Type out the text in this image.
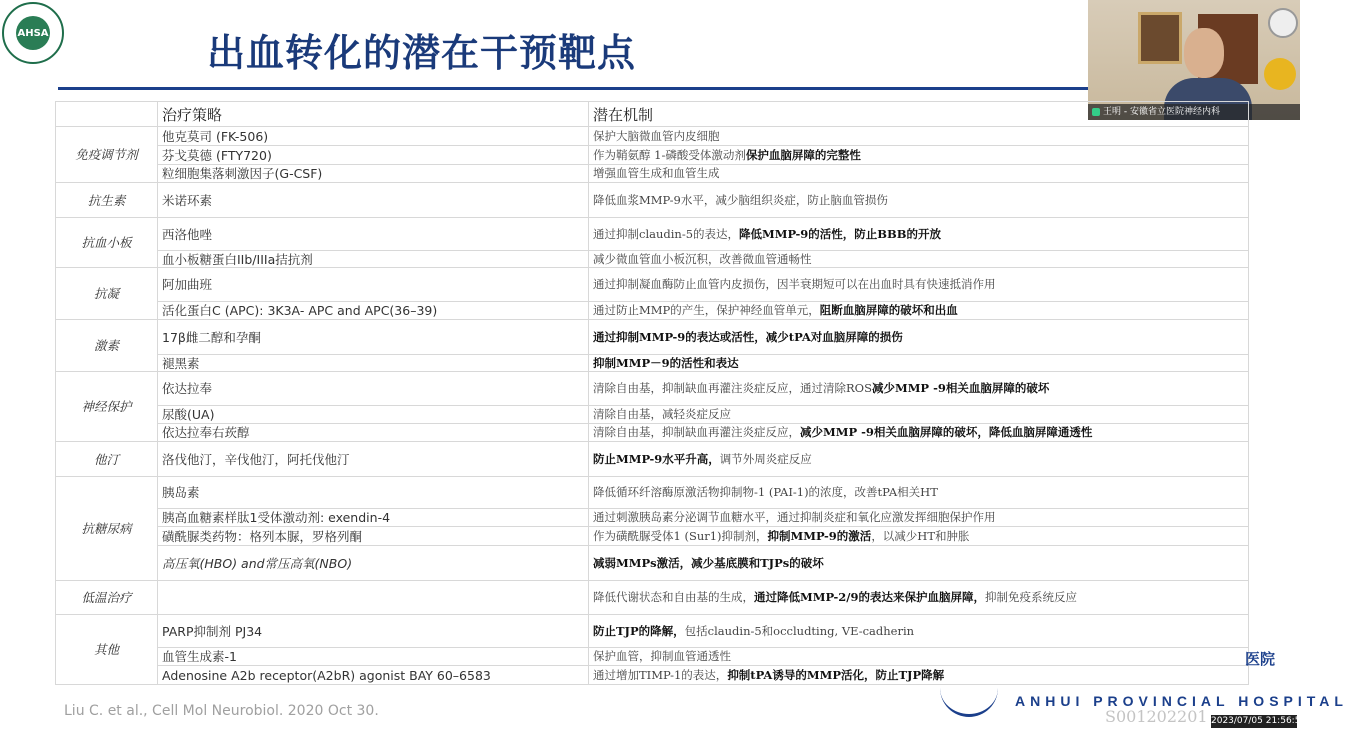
AHSA	出血转化的潜在干预靶点
王明 - 安徽省立医院神经内科
	治疗策略	潜在机制
免疫调节剂	他克莫司 (FK-506)	保护大脑微血管内皮细胞
	芬戈莫德 (FTY720)	作为鞘氨醇 1-磷酸受体激动剂保护血脑屏障的完整性
	粒细胞集落刺激因子(G-CSF)	增强血管生成和血管生成
抗生素	米诺环素	降低血浆MMP-9水平，减少脑组织炎症，防止脑血管损伤
抗血小板	西洛他唑	通过抑制claudin-5的表达，降低MMP-9的活性，防止BBB的开放
	血小板糖蛋白IIb/IIIa拮抗剂	减少微血管血小板沉积，改善微血管通畅性
抗凝	阿加曲班	通过抑制凝血酶防止血管内皮损伤，因半衰期短可以在出血时具有快速抵消作用
	活化蛋白C (APC): 3K3A- APC and APC(36–39)	通过防止MMP的产生，保护神经血管单元，阻断血脑屏障的破坏和出血
激素	17β雌二醇和孕酮	通过抑制MMP-9的表达或活性，减少tPA对血脑屏障的损伤
	褪黑素	抑制MMP－9的活性和表达
神经保护	依达拉奉	清除自由基，抑制缺血再灌注炎症反应，通过清除ROS减少MMP -9相关血脑屏障的破坏
	尿酸(UA)	清除自由基，减轻炎症反应
	依达拉奉右莰醇	清除自由基，抑制缺血再灌注炎症反应，减少MMP -9相关血脑屏障的破坏，降低血脑屏障通透性
他汀	洛伐他汀，辛伐他汀，阿托伐他汀	防止MMP-9水平升高，调节外周炎症反应
抗糖尿病	胰岛素	降低循环纤溶酶原激活物抑制物-1 (PAI-1)的浓度，改善tPA相关HT
	胰高血糖素样肽1受体激动剂: exendin-4	通过刺激胰岛素分泌调节血糖水平，通过抑制炎症和氧化应激发挥细胞保护作用
	磺酰脲类药物：格列本脲，罗格列酮	作为磺酰脲受体1 (Sur1)抑制剂，抑制MMP-9的激活，以减少HT和肿胀
	高压氧(HBO) and常压高氧(NBO)	减弱MMPs激活，减少基底膜和TJPs的破坏
低温治疗		降低代谢状态和自由基的生成，通过降低MMP-2/9的表达来保护血脑屏障，抑制免疫系统反应
其他	PARP抑制剂 PJ34	防止TJP的降解，包括claudin-5和occludting, VE-cadherin
	血管生成素-1	保护血管，抑制血管通透性
	Adenosine A2b receptor(A2bR) agonist BAY 60–6583	通过增加TIMP-1的表达，抑制tPA诱导的MMP活化，防止TJP降解
Liu C. et al., Cell Mol Neurobiol. 2020 Oct 30.
医院
ANHUI PROVINCIAL HOSPITAL
S001202201 2023/07/05 21:56:55
